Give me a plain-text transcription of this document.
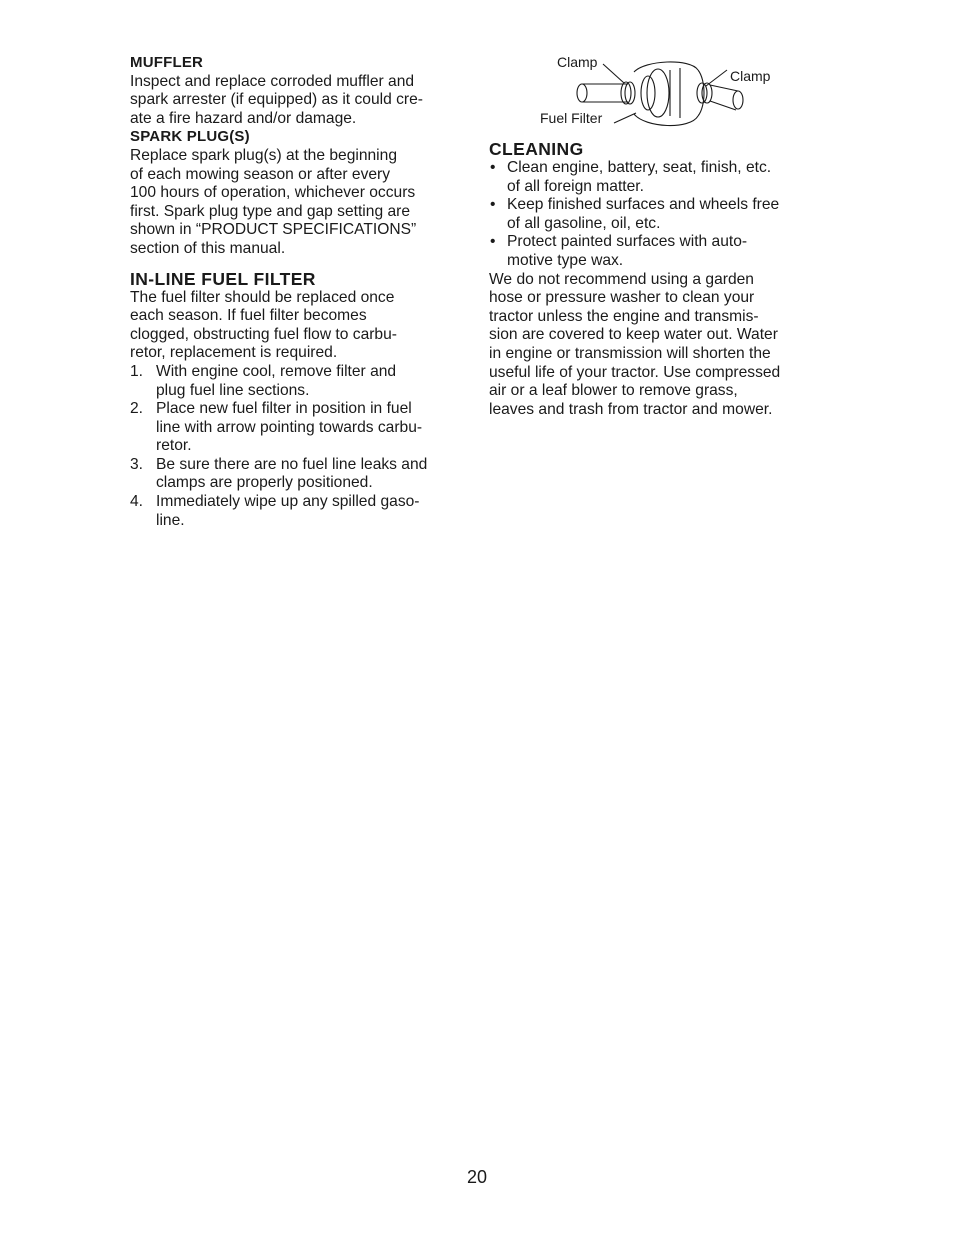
MUFFLER

Inspect and replace corroded muffler and
spark arrester (if equipped) as it could cre-
ate a fire hazard and/or damage.

SPARK PLUG(S)

Replace spark plug(s) at the beginning
of each mowing season or after every
100 hours of operation, whichever occurs
first. Spark plug type and gap setting are
shown in “PRODUCT SPECIFICATIONS”
section of this manual.

IN-LINE FUEL FILTER

The fuel filter should be replaced once
each season. If fuel filter becomes
clogged, obstructing fuel flow to carbu-
retor, replacement is required.

1. With engine cool, remove filter and
plug fuel line sections.
2. Place new fuel filter in position in fuel
line with arrow pointing towards carbu-
retor.
3. Be sure there are no fuel line leaks and
clamps are properly positioned.
4. Immediately wipe up any spilled gaso-
line.
Clamp
Clamp
Fuel Filter
CLEANING
• Clean engine, battery, seat, finish, etc.
of all foreign matter.
• Keep finished surfaces and wheels free
of all gasoline, oil, etc.
• Protect painted surfaces with auto-
motive type wax.

We do not recommend using a garden
hose or pressure washer to clean your
tractor unless the engine and transmis-
sion are covered to keep water out. Water
in engine or transmission will shorten the
useful life of your tractor. Use compressed
air or a leaf blower to remove grass,
leaves and trash from tractor and mower.

20
